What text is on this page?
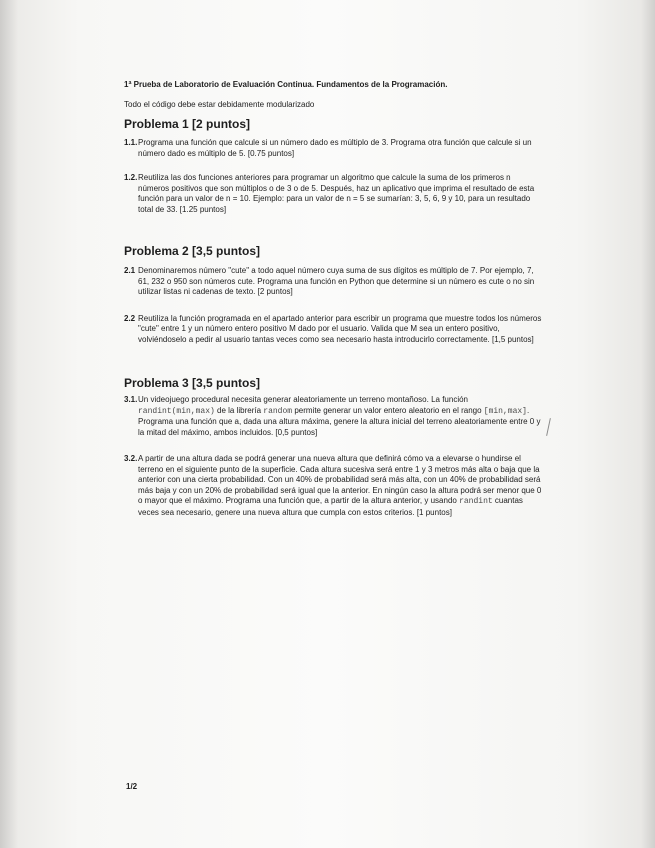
1ª Prueba de Laboratorio de Evaluación Continua. Fundamentos de la Programación.

Todo el código debe estar debidamente modularizado

Problema 1 [2 puntos]
1.1. Programa una función que calcule si un número dado es múltiplo de 3. Programa otra función que calcule si un número dado es múltiplo de 5. [0.75 puntos]
1.2. Reutiliza las dos funciones anteriores para programar un algoritmo que calcule la suma de los primeros n números positivos que son múltiplos o de 3 o de 5. Después, haz un aplicativo que imprima el resultado de esta función para un valor de n = 10. Ejemplo: para un valor de n = 5 se sumarían: 3, 5, 6, 9 y 10, para un resultado total de 33. [1.25 puntos]
Problema 2 [3,5 puntos]
2.1 Denominaremos número "cute" a todo aquel número cuya suma de sus dígitos es múltiplo de 7. Por ejemplo, 7, 61, 232 o 950 son números cute. Programa una función en Python que determine si un número es cute o no sin utilizar listas ni cadenas de texto. [2 puntos]
2.2 Reutiliza la función programada en el apartado anterior para escribir un programa que muestre todos los números "cute" entre 1 y un número entero positivo M dado por el usuario. Valida que M sea un entero positivo, volviéndoselo a pedir al usuario tantas veces como sea necesario hasta introducirlo correctamente. [1,5 puntos]
Problema 3 [3,5 puntos]
3.1. Un videojuego procedural necesita generar aleatoriamente un terreno montañoso. La función randint(min,max) de la librería random permite generar un valor entero aleatorio en el rango [min,max]. Programa una función que a, dada una altura máxima, genere la altura inicial del terreno aleatoriamente entre 0 y la mitad del máximo, ambos incluidos. [0,5 puntos]
3.2. A partir de una altura dada se podrá generar una nueva altura que definirá cómo va a elevarse o hundirse el terreno en el siguiente punto de la superficie. Cada altura sucesiva será entre 1 y 3 metros más alta o baja que la anterior con una cierta probabilidad. Con un 40% de probabilidad será más alta, con un 40% de probabilidad será más baja y con un 20% de probabilidad será igual que la anterior. En ningún caso la altura podrá ser menor que 0 o mayor que el máximo. Programa una función que, a partir de la altura anterior, y usando randint cuantas veces sea necesario, genere una nueva altura que cumpla con estos criterios. [1 puntos]
1/2
